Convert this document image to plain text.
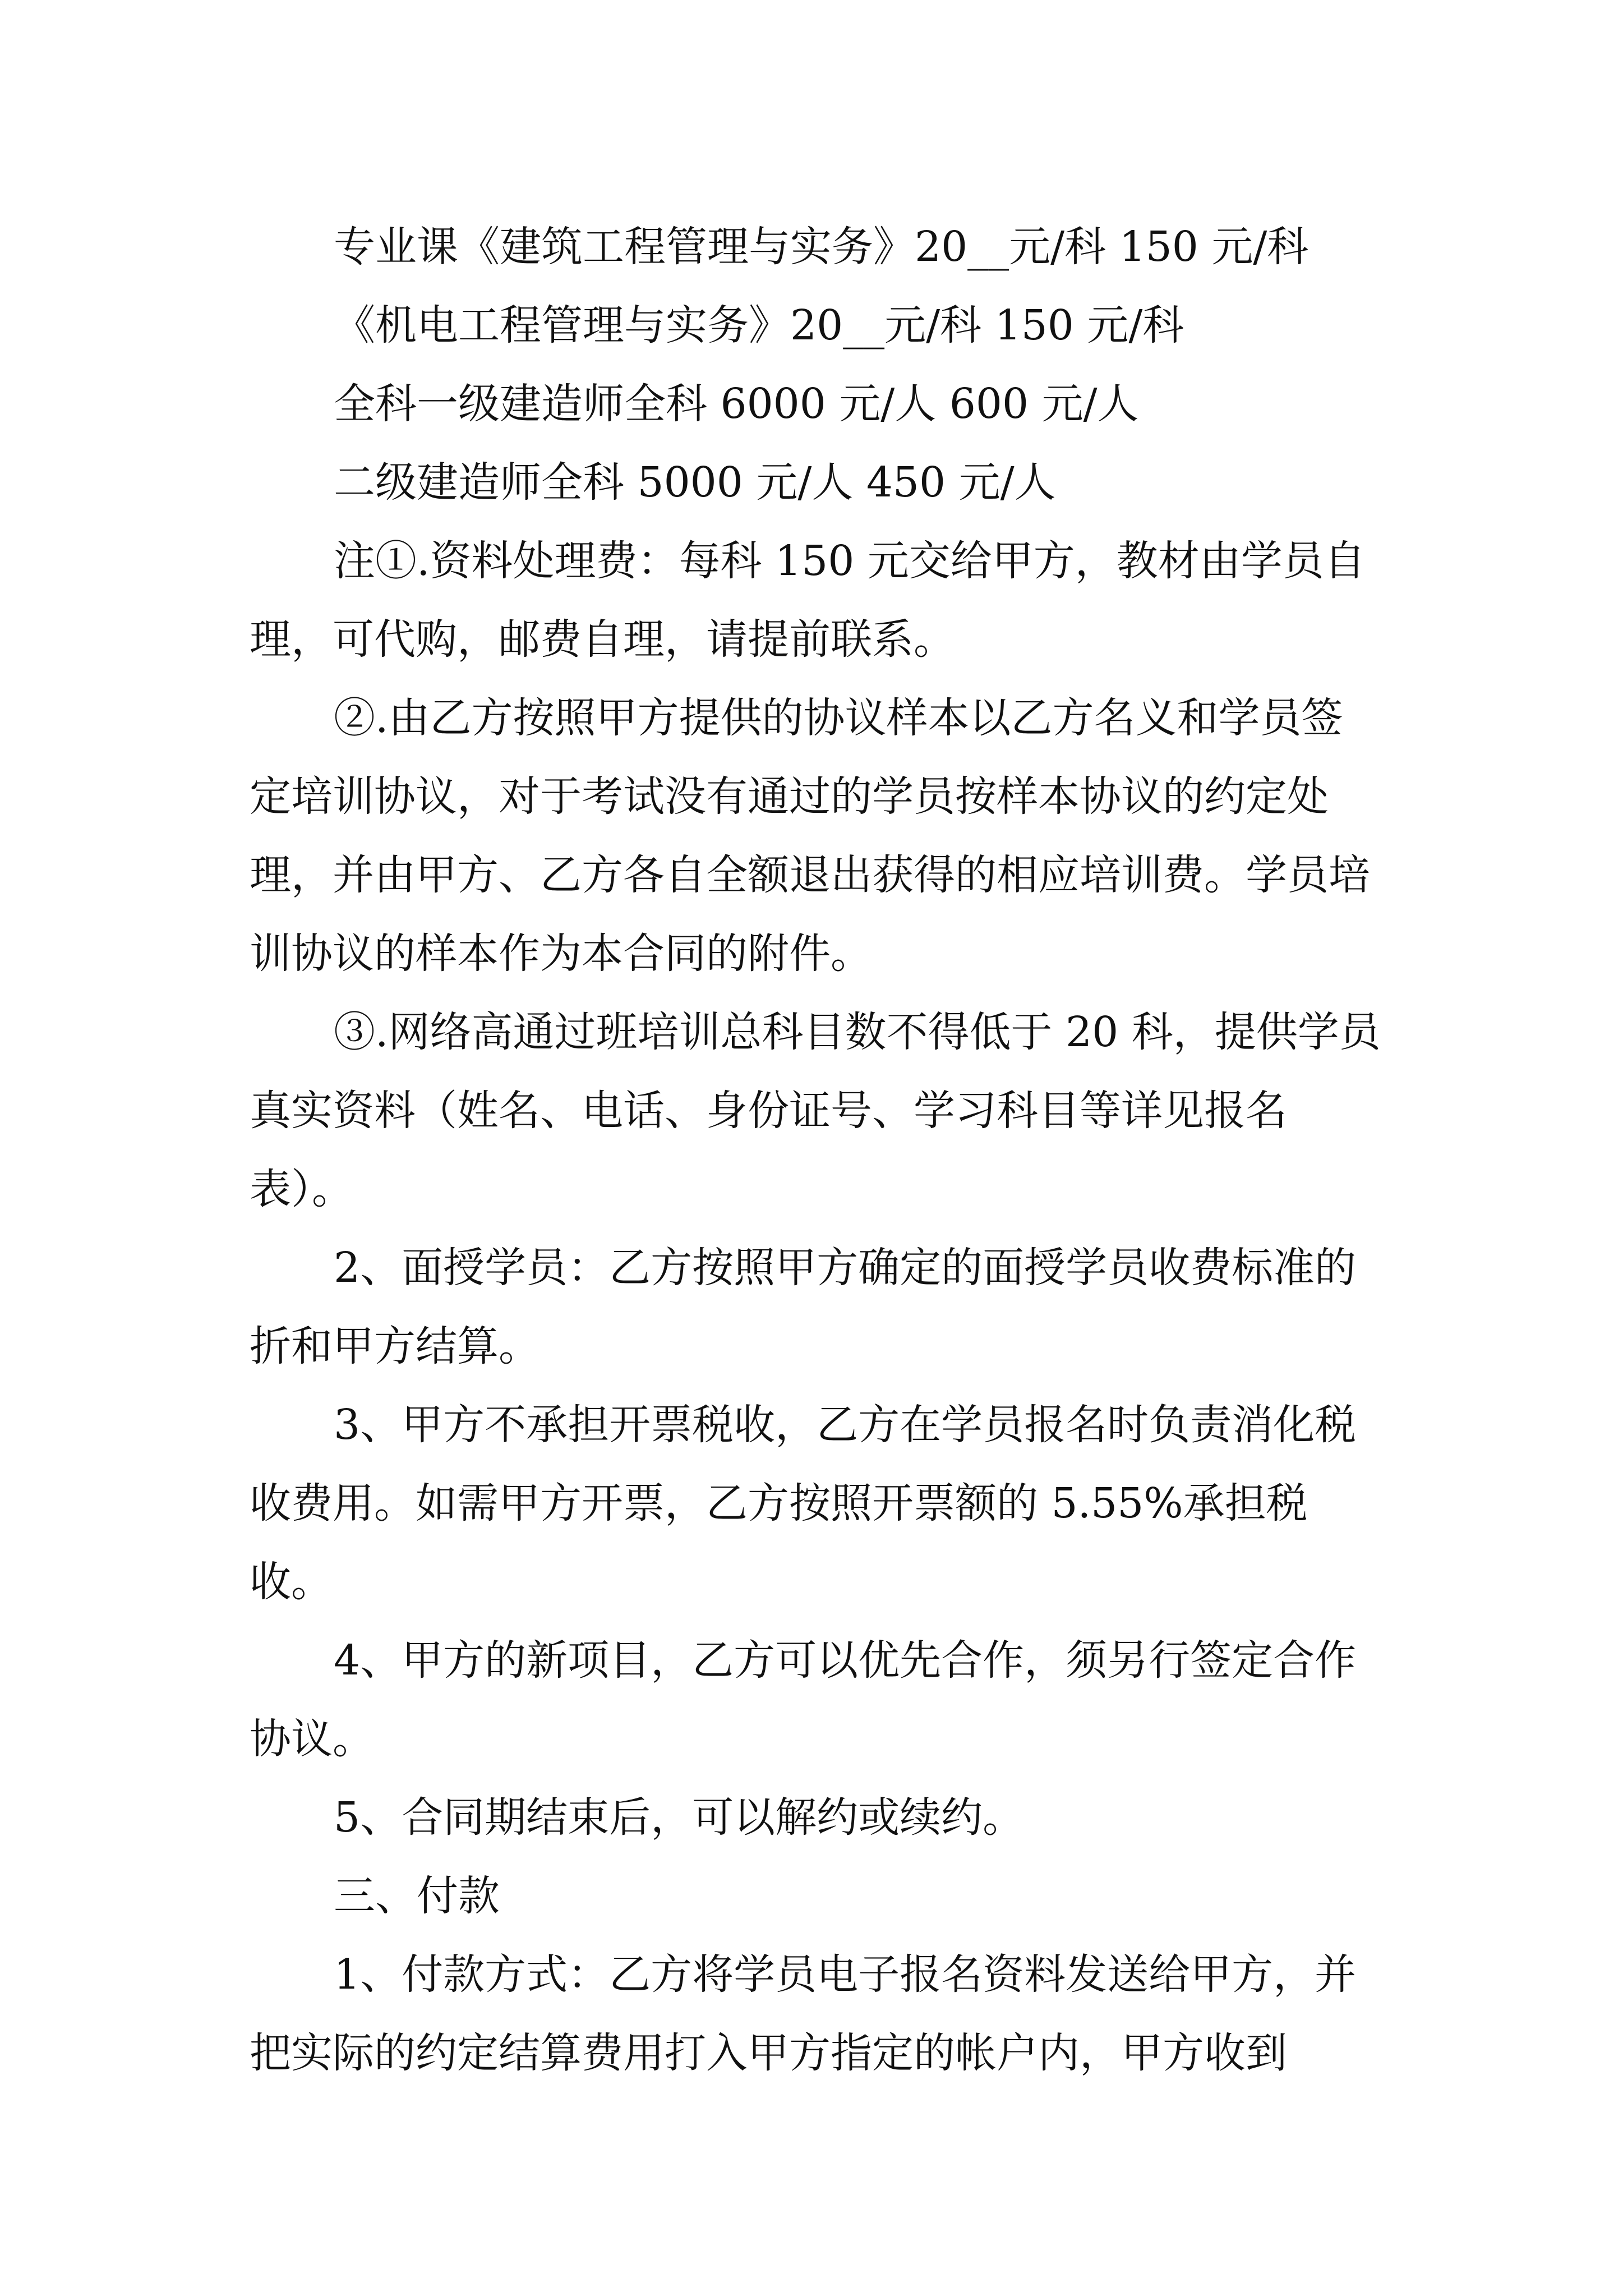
专业课《建筑工程管理与实务》20__元/科 150 元/科

《机电工程管理与实务》20__元/科 150 元/科

全科一级建造师全科 6000 元/人 600 元/人

二级建造师全科 5000 元/人 450 元/人

注①.资料处理费：每科 150 元交给甲方，教材由学员自理，可代购，邮费自理，请提前联系。

②.由乙方按照甲方提供的协议样本以乙方名义和学员签定培训协议，对于考试没有通过的学员按样本协议的约定处理，并由甲方、乙方各自全额退出获得的相应培训费。学员培训协议的样本作为本合同的附件。

③.网络高通过班培训总科目数不得低于 20 科，提供学员真实资料（姓名、电话、身份证号、学习科目等详见报名表）。

2、面授学员：乙方按照甲方确定的面授学员收费标准的 折和甲方结算。

3、甲方不承担开票税收，乙方在学员报名时负责消化税收费用。如需甲方开票，乙方按照开票额的 5.55%承担税收。

4、甲方的新项目，乙方可以优先合作，须另行签定合作协议。

5、合同期结束后，可以解约或续约。

三、付款

1、付款方式：乙方将学员电子报名资料发送给甲方，并把实际的约定结算费用打入甲方指定的帐户内，甲方收到
